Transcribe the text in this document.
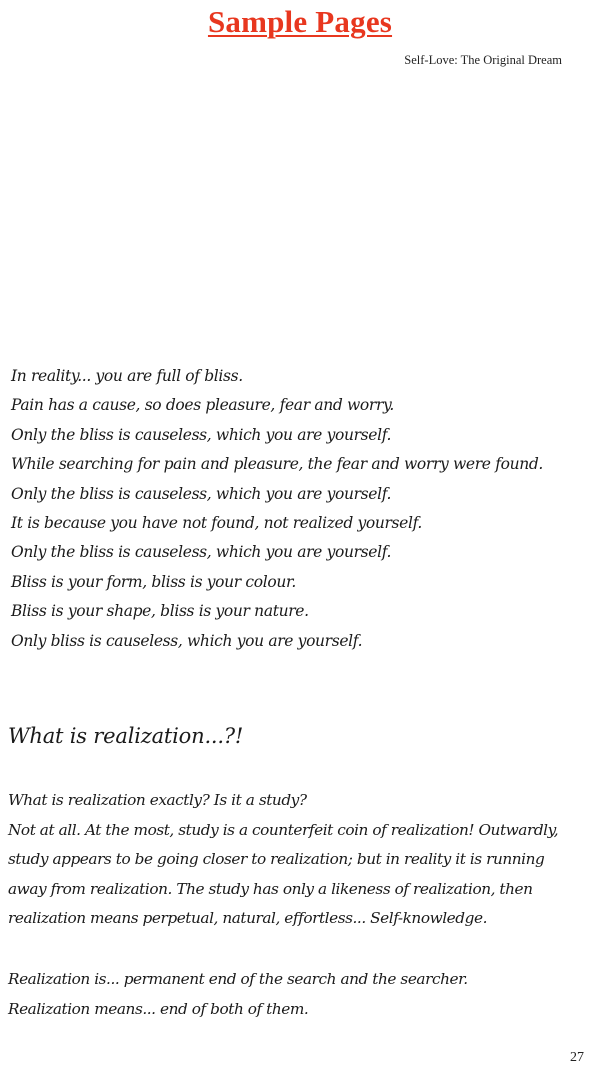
Sample Pages
Self-Love: The Original Dream
In reality... you are full of bliss.
Pain has a cause, so does pleasure, fear and worry.
Only the bliss is causeless, which you are yourself.
While searching for pain and pleasure, the fear and worry were found.
Only the bliss is causeless, which you are yourself.
It is because you have not found, not realized yourself.
Only the bliss is causeless, which you are yourself.
Bliss is your form, bliss is your colour.
Bliss is your shape, bliss is your nature.
Only bliss is causeless, which you are yourself.
What is realization...?!
What is realization exactly? Is it a study?
Not at all. At the most, study is a counterfeit coin of realization! Outwardly,
study appears to be going closer to realization; but in reality it is running
away from realization. The study has only a likeness of realization, then
realization means perpetual, natural, effortless... Self-knowledge.
Realization is... permanent end of the search and the searcher.
Realization means... end of both of them.
27
